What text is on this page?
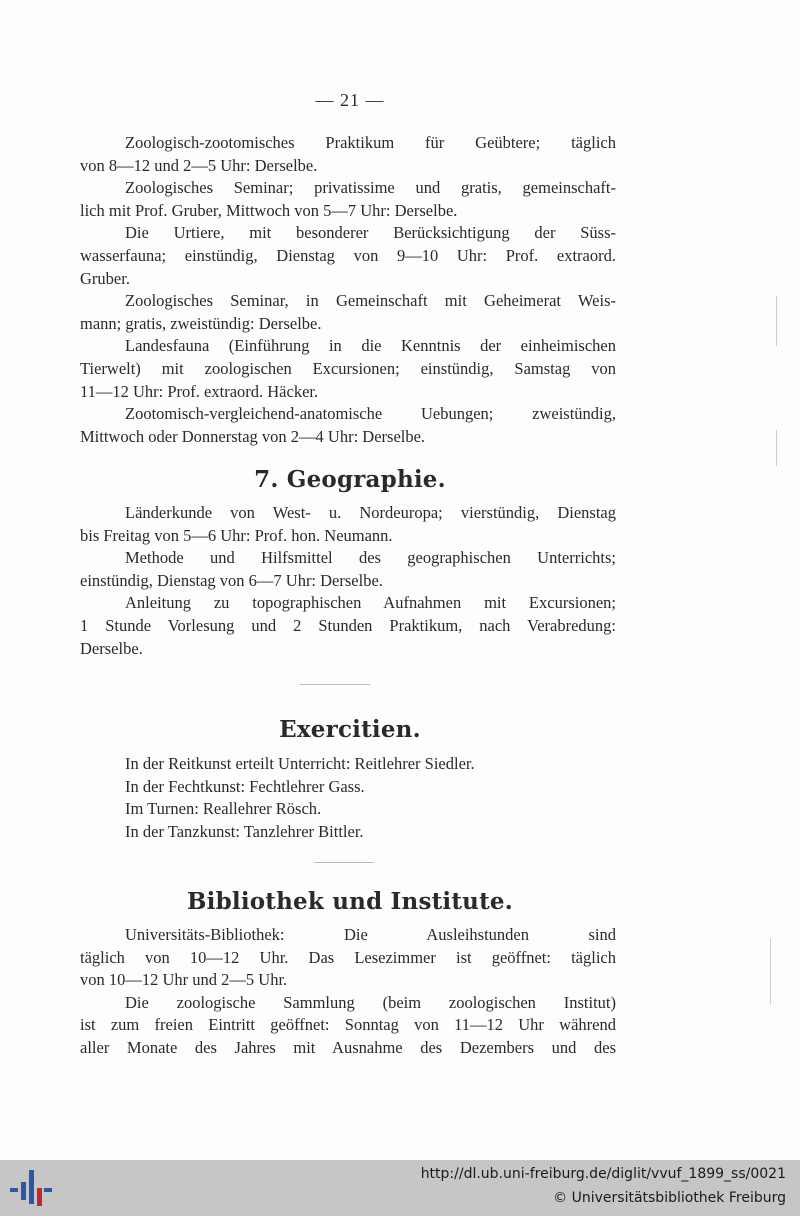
— 21 —
Zoologisch-zootomisches Praktikum für Geübtere; täglich
von 8—12 und 2—5 Uhr: Derselbe.
Zoologisches Seminar; privatissime und gratis, gemeinschaft-
lich mit Prof. Gruber, Mittwoch von 5—7 Uhr: Derselbe.
Die Urtiere, mit besonderer Berücksichtigung der Süss-
wasserfauna; einstündig, Dienstag von 9—10 Uhr: Prof. extraord.
Gruber.
Zoologisches Seminar, in Gemeinschaft mit Geheimerat Weis-
mann; gratis, zweistündig: Derselbe.
Landesfauna (Einführung in die Kenntnis der einheimischen
Tierwelt) mit zoologischen Excursionen; einstündig, Samstag von
11—12 Uhr: Prof. extraord. Häcker.
Zootomisch-vergleichend-anatomische Uebungen; zweistündig,
Mittwoch oder Donnerstag von 2—4 Uhr: Derselbe.
7. Geographie.
Länderkunde von West- u. Nordeuropa; vierstündig, Dienstag
bis Freitag von 5—6 Uhr: Prof. hon. Neumann.
Methode und Hilfsmittel des geographischen Unterrichts;
einstündig, Dienstag von 6—7 Uhr: Derselbe.
Anleitung zu topographischen Aufnahmen mit Excursionen;
1 Stunde Vorlesung und 2 Stunden Praktikum, nach Verabredung:
Derselbe.
Exercitien.
In der Reitkunst erteilt Unterricht: Reitlehrer Siedler.
In der Fechtkunst: Fechtlehrer Gass.
Im Turnen: Reallehrer Rösch.
In der Tanzkunst: Tanzlehrer Bittler.
Bibliothek und Institute.
Universitäts-Bibliothek: Die Ausleihstunden sind
täglich von 10—12 Uhr. Das Lesezimmer ist geöffnet: täglich
von 10—12 Uhr und 2—5 Uhr.
Die zoologische Sammlung (beim zoologischen Institut)
ist zum freien Eintritt geöffnet: Sonntag von 11—12 Uhr während
aller Monate des Jahres mit Ausnahme des Dezembers und des
http://dl.ub.uni-freiburg.de/diglit/vvuf_1899_ss/0021
© Universitätsbibliothek Freiburg
